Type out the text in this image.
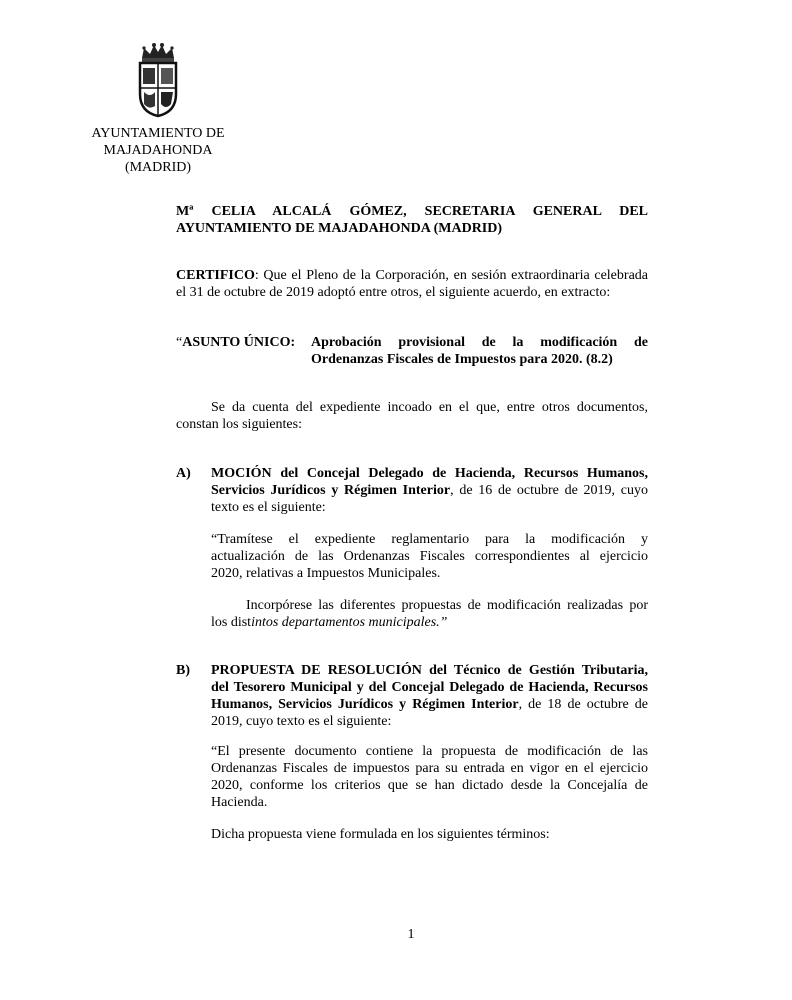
AYUNTAMIENTO DE
MAJADAHONDA
(MADRID)
Mª CELIA ALCALÁ GÓMEZ, SECRETARIA GENERAL DEL
AYUNTAMIENTO DE MAJADAHONDA (MADRID)
CERTIFICO: Que el Pleno de la Corporación, en sesión extraordinaria celebrada
el 31 de octubre de 2019 adoptó entre otros, el siguiente acuerdo, en extracto:
“ASUNTO ÚNICO: Aprobación provisional de la modificación de
Ordenanzas Fiscales de Impuestos para 2020. (8.2)
Se da cuenta del expediente incoado en el que, entre otros documentos,
constan los siguientes:
A) MOCIÓN del Concejal Delegado de Hacienda, Recursos Humanos,
Servicios Jurídicos y Régimen Interior, de 16 de octubre de 2019, cuyo
texto es el siguiente:
“Tramítese el expediente reglamentario para la modificación y
actualización de las Ordenanzas Fiscales correspondientes al ejercicio
2020, relativas a Impuestos Municipales.
Incorpórese las diferentes propuestas de modificación realizadas por
los distintos departamentos municipales.”
B) PROPUESTA DE RESOLUCIÓN del Técnico de Gestión Tributaria,
del Tesorero Municipal y del Concejal Delegado de Hacienda, Recursos
Humanos, Servicios Jurídicos y Régimen Interior, de 18 de octubre de
2019, cuyo texto es el siguiente:
“El presente documento contiene la propuesta de modificación de las
Ordenanzas Fiscales de impuestos para su entrada en vigor en el ejercicio
2020, conforme los criterios que se han dictado desde la Concejalía de
Hacienda.
Dicha propuesta viene formulada en los siguientes términos:
1
